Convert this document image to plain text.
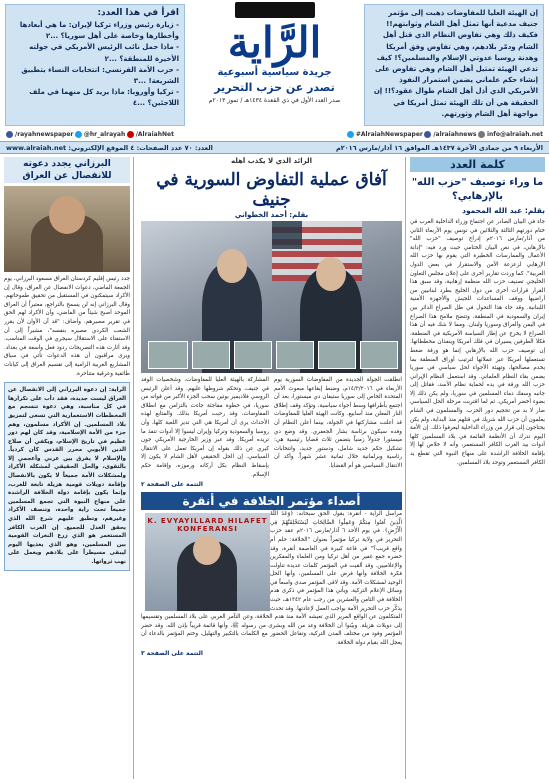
إن الهيئة العليا للمفاوضات ذهبت إلى مؤتمر جنيف مدعية أنها تمثل أهل الشام وثوابتهم!! فكيف ذلك وهي تفاوض النظام الذي قتل أهل الشام ودمّر بلادهم، وهي تفاوض وفق أمريكا وهدنة روسيا عدوتي الإسلام والمسلمين؟! كيف تدعي الهيئة تمثيل أهل الشام وهي تفاوض على إنشاء حكم علماني يضمن استمرار النفوذ الأمريكي الذي أذل أهل الشام طوال عقود؟!! إن الحقيقة هي أن تلك الهيئة تمثل أمريكا في مواجهة أهل الشام وثورتهم.

الرَّاية
جريدة سياسية أسبوعية
تصدر عن حزب التحرير
صدر العدد الأول في ذي القعدة ١٤٣٤هـ / تموز ٢٠١٣م
اقرأ في هذا العدد:
- زيارة رئيس وزراء تركيا لإيران: ما هي أبعادها وأخطارها وخاصة على أهل سوريا؟ ...٢
- ماذا حمل نائب الرئيس الأمريكي في جولته الأخيرة للمنطقة؟ ...٢
- حزب الأمة الفرنسي: انتخابات النساء بتطبيق الشريعة! ...٣
- تركيا وأوروبا: ماذا يريد كل منهما في ملف اللاجئين؟ ...٤
/rayahnewspaper @hr_alrayah /AlraiahNet	#AlraiahNewspaper /alraiahnews info@alraiah.net
الأربعاء ٩ من جمادى الآخرة ١٤٣٧هـ الموافق ١٦ آذار/مارس ٢٠١٦م
العدد: ٧٠ عدد الصفحات: ٤ الموقع الإلكتروني: www.alraiah.net
كلمة العدد
ما وراء توصيف "حزب الله" بالإرهابي؟
بقلم: عبد الله المحمود

جاء في البيان الصادر عن اجتماع وزراء الداخلية العرب في ختام دورتهم الثالثة والثلاثين في تونس يوم الأربعاء الثاني من آذار/مارس ٢٠١٦م إدراج توصيف "حزب الله" بالإرهابي، في نص البيان الختامي حيث ورد فيه: "إدانة الأعمال والممارسات الخطيرة التي يقوم بها حزب الله الإرهابي لزعزعة الأمن والاستقرار في بعض الدول العربية". كما وردت تقارير أخرى على إعلان مجلس التعاون الخليجي تصنيف حزب الله منظمة إرهابية، وقد سبق هذا القرار قرارات أخرى من دول الخليج بطرد لبنانيين من أراضيها ووقف المساعدات للجيش والأجهزة الأمنية اللبنانية. وقد جاء هذا التحول في ظل الصراع الدائر بين إيران والسعودية في المنطقة، وتتضح ملامح هذا الصراع في اليمن والعراق وسوريا ولبنان. ومما لا شك فيه أن هذا الصراع لا يخرج عن إطار السياسة الأمريكية في المنطقة، فكلا الطرفين يسيران في فلك أمريكا وينفذان مخططاتها. إن توصيف حزب الله بالإرهابي إنما هو ورقة ضغط تستعملها أمريكا عبر عملائها لترتيب أوراق المنطقة بما يخدم مصالحها، وتهيئة الأجواء لحل سياسي في سوريا يضمن بقاء النظام العلماني. وقد استعمل النظام الإيراني حزب الله ورقة في يده لحماية نظام الأسد، فقاتل إلى جانبه وسفك دماء المسلمين في سوريا، ولم يكن ذلك إلا بضوء أخضر أمريكي. ثم لما اقتربت مرحلة الحل السياسي صار لا بد من تحجيم دور الحزب. والمسلمون في الشام يعلمون أن حزب الله شريك في قتلهم منذ البداية، ولم يكن يحتاجون إلى قرار من وزراء الداخلية ليعرفوا ذلك. إن الأمة اليوم تدرك أن الأنظمة القائمة في بلاد المسلمين كلها أدوات بيد الغرب الكافر المستعمر، وأنه لا خلاص لها إلا بإقامة الخلافة الراشدة على منهاج النبوة التي تقطع يد الكافر المستعمر وتوحد بلاد المسلمين.

الرائد الذي لا يكذب أهله
آفاق عملية التفاوض السورية في جنيف
بقلم: أحمد الخطواني

انطلقت الجولة الجديدة من المفاوضات السورية يوم الأربعاء في ١٤/٣/٢٠١٦م، وضبط إيقاعها مبعوث الأمم المتحدة الخاص إلى سوريا ستيفان دي ميستورا، بعد أن اجتمع بأطرافها وسط أجواء سياسية، وتؤكد وقف إطلاق النار المعلن منذ أسابيع. وكانت الهيئة العليا للمفاوضات قد أعلنت مشاركتها في الجولة، بينما أعلن النظام أن وفده سيكون برئاسة بشار الجعفري. وقد وضع دي ميستورا جدولاً زمنياً يتضمن ثلاث قضايا رئيسية هي: تشكيل حكم جديد شامل، ودستور جديد، وانتخابات رئاسية وبرلمانية خلال ثمانية عشر شهراً. وأكد أن الانتقال السياسي هو أم القضايا.

المشاركة بالهيئة العليا للمفاوضات، وشخصيات الوفد في جنيف، وتحكم شروطها عليهم. وقد أعلن الرئيس الروسي فلاديمير بوتين سحب الجزء الأكبر من قواته من سوريا، في خطوة مفاجئة جاءت بالتزامن مع انطلاق المفاوضات، وقد رحبت أمريكا بذلك. والمتابع لهذه الأحداث يرى أن أمريكا هي التي تدير اللعبة كلها، وأن روسيا والسعودية وتركيا وإيران ليسوا إلا أدوات تنفذ ما تريده أمريكا. وقد عبر وزير الخارجية الأمريكي جون كيري عن ذلك بقوله إن أمريكا تعمل على الانتقال السياسي. إن الحل الحقيقي لأهل الشام لا يكون إلا بإسقاط النظام بكل أركانه ورموزه، وإقامة حكم الإسلام.

التتمة على الصفحة ٢
أصداء مؤتمر الخلافة في أنقرة
K. EVYAYILLARD HILAFET KONFERANSI

مراسل الراية - أنقرة: يقول الحق سبحانه: ﴿وَعَدَ اللَّهُ الَّذِينَ آمَنُوا مِنكُمْ وَعَمِلُوا الصَّالِحَاتِ لَيَسْتَخْلِفَنَّهُمْ فِي الْأَرْضِ﴾. في يوم الأحد ٦ آذار/مارس ٢٠١٦م عقد حزب التحرير في ولاية تركيا مؤتمراً بعنوان "الخلافة: حلم أم واقع قريب؟" في قاعة كبيرة في العاصمة أنقرة، وقد حضره جمع غفير من أهل تركيا ومن العلماء والمفكرين والإعلاميين. وقد ألقيت في المؤتمر كلمات عديدة تناولت فكرة الخلافة وأنها فرض على المسلمين، وأنها الحل الوحيد لمشكلات الأمة. وقد لاقى المؤتمر صدى واسعاً في وسائل الإعلام التركية. ويأتي هذا المؤتمر في ذكرى هدم الخلافة في الثامن والعشرين من رجب عام ١٣٤٢هـ، حيث يذكّر حزب التحرير الأمة بواجب العمل لإعادتها. وقد تحدث المتكلمون عن الواقع المرير الذي تعيشه الأمة منذ هدم الخلافة، وعن التآمر الغربي على بلاد المسلمين وتقسيمها إلى دويلات هزيلة. وبيّنوا أن الخلافة وعد من الله وبشرى من رسوله ﷺ، وأنها قائمة قريباً بإذن الله. وقد حضر المؤتمر وفود من مختلف المدن التركية، وتفاعل الحضور مع الكلمات بالتكبير والتهليل، وختم المؤتمر بالدعاء أن يعجل الله بقيام دولة الخلافة.

التتمة على الصفحة ٣
البرزاني يجدد دعوته للانفصال عن العراق

جدد رئيس إقليم كردستان العراق مسعود البرزاني، يوم الجمعة الماضي، دعوات الانفصال عن العراق، وقال إن الأكراد سيتمكنون في المستقبل من تحقيق طموحاتهم. وقال البرزاني إنه لن يسمح بالتراجع، معتبراً أن العراق الموحد أصبح شيئاً من الماضي، وأن الأكراد لهم الحق في تقرير مصيرهم. وأضاف: "قد آن الأوان لأن يقرر الشعب الكردي مصيره بنفسه"، مشيراً إلى أن الاستفتاء على الاستقلال سيجري في الوقت المناسب. وقد أثارت هذه التصريحات ردود فعل واسعة في بغداد. ويرى مراقبون أن هذه الدعوات تأتي في سياق المشاريع الغربية الرامية إلى تقسيم العراق إلى كيانات طائفية وعرقية متناحرة.

الراية: إن دعوة البرزاني إلى الانفصال عن العراق ليست جديدة، فقد دأب على تكرارها في كل مناسبة، وهي دعوة تنسجم مع المخططات الاستعمارية التي تسعى لتمزيق بلاد المسلمين. إن الأكراد مسلمون، وهم جزء من الأمة الإسلامية، وقد كان لهم دور عظيم في تاريخ الإسلام، ويكفي أن صلاح الدين الأيوبي محرر القدس كان كردياً. والإسلام لا يفرق بين عربي وأعجمي إلا بالتقوى، والحل الحقيقي لمشكلة الأكراد ولمشكلات الأمة جميعاً لا يكون بالانفصال وإقامة دويلات قومية هزيلة تابعة للغرب، وإنما يكون بإقامة دولة الخلافة الراشدة على منهاج النبوة التي تجمع المسلمين جميعاً تحت راية واحدة، وتنصف الأكراد وغيرهم، وتطبق عليهم شرع الله الذي يحقق العدل للجميع. إن الغرب الكافر المستعمر هو الذي زرع النعرات القومية بين المسلمين، وهو الذي يغذيها اليوم ليبقى مسيطراً على بلادهم ويعمل على نهب ثرواتها.
